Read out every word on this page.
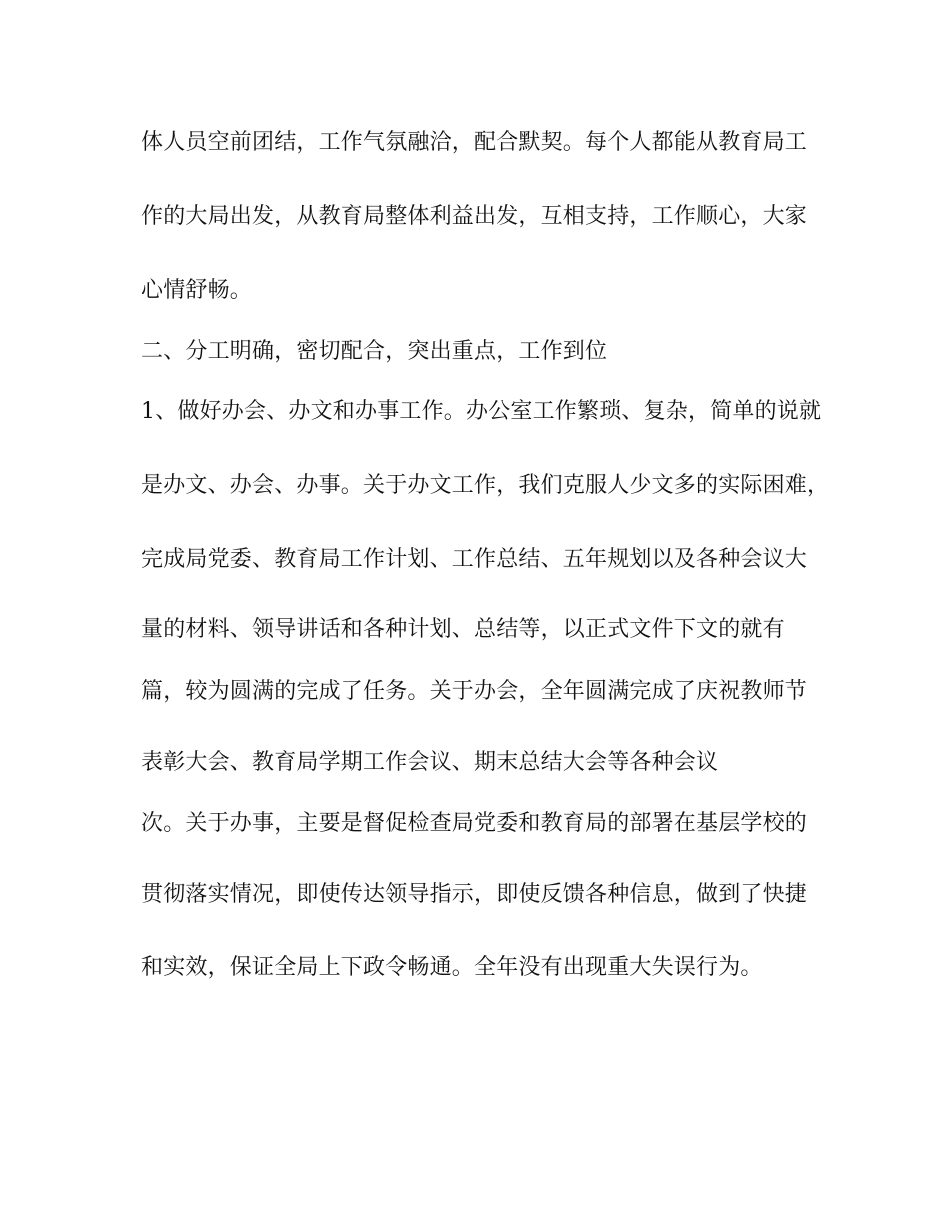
体人员空前团结，工作气氛融洽，配合默契。每个人都能从教育局工
作的大局出发，从教育局整体利益出发，互相支持，工作顺心，大家
心情舒畅。
二、分工明确，密切配合，突出重点，工作到位
1、做好办会、办文和办事工作。办公室工作繁琐、复杂，简单的说就
是办文、办会、办事。关于办文工作，我们克服人少文多的实际困难，
完成局党委、教育局工作计划、工作总结、五年规划以及各种会议大
量的材料、领导讲话和各种计划、总结等，以正式文件下文的就有
篇，较为圆满的完成了任务。关于办会，全年圆满完成了庆祝教师节
表彰大会、教育局学期工作会议、期末总结大会等各种会议
次。关于办事，主要是督促检查局党委和教育局的部署在基层学校的
贯彻落实情况，即使传达领导指示，即使反馈各种信息，做到了快捷
和实效，保证全局上下政令畅通。全年没有出现重大失误行为。
